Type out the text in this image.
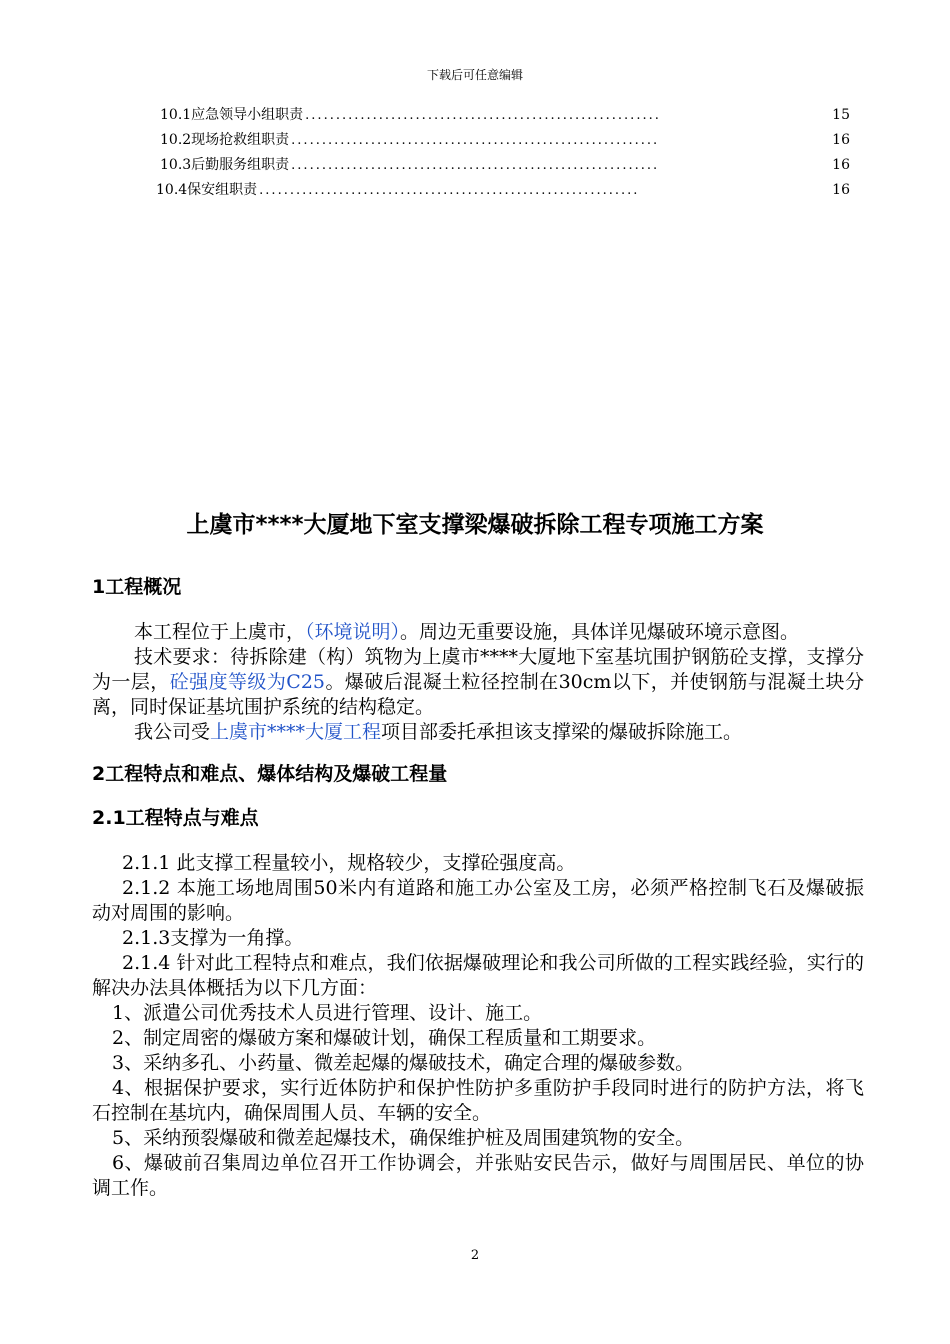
下载后可任意编辑
10.1应急领导小组职责 ..........................................................	15
10.2现场抢救组职责 ............................................................	16
10.3后勤服务组职责 ............................................................	16
10.4保安组职责 ..............................................................	16
上虞市****大厦地下室支撑梁爆破拆除工程专项施工方案
1工程概况

本工程位于上虞市，（环境说明）。周边无重要设施，具体详见爆破环境示意图。

技术要求：待拆除建（构）筑物为上虞市****大厦地下室基坑围护钢筋砼支撑，支撑分为一层，砼强度等级为C25。爆破后混凝土粒径控制在30cm以下，并使钢筋与混凝土块分离，同时保证基坑围护系统的结构稳定。

我公司受上虞市****大厦工程项目部委托承担该支撑梁的爆破拆除施工。

2工程特点和难点、爆体结构及爆破工程量
2.1工程特点与难点

2.1.1 此支撑工程量较小，规格较少，支撑砼强度高。

2.1.2 本施工场地周围50米内有道路和施工办公室及工房，必须严格控制飞石及爆破振动对周围的影响。

2.1.3支撑为一角撑。

2.1.4 针对此工程特点和难点，我们依据爆破理论和我公司所做的工程实践经验，实行的解决办法具体概括为以下几方面：

1、派遣公司优秀技术人员进行管理、设计、施工。

2、制定周密的爆破方案和爆破计划，确保工程质量和工期要求。

3、采纳多孔、小药量、微差起爆的爆破技术，确定合理的爆破参数。

4、根据保护要求，实行近体防护和保护性防护多重防护手段同时进行的防护方法，将飞石控制在基坑内，确保周围人员、车辆的安全。

5、采纳预裂爆破和微差起爆技术，确保维护桩及周围建筑物的安全。

6、爆破前召集周边单位召开工作协调会，并张贴安民告示，做好与周围居民、单位的协调工作。

2
